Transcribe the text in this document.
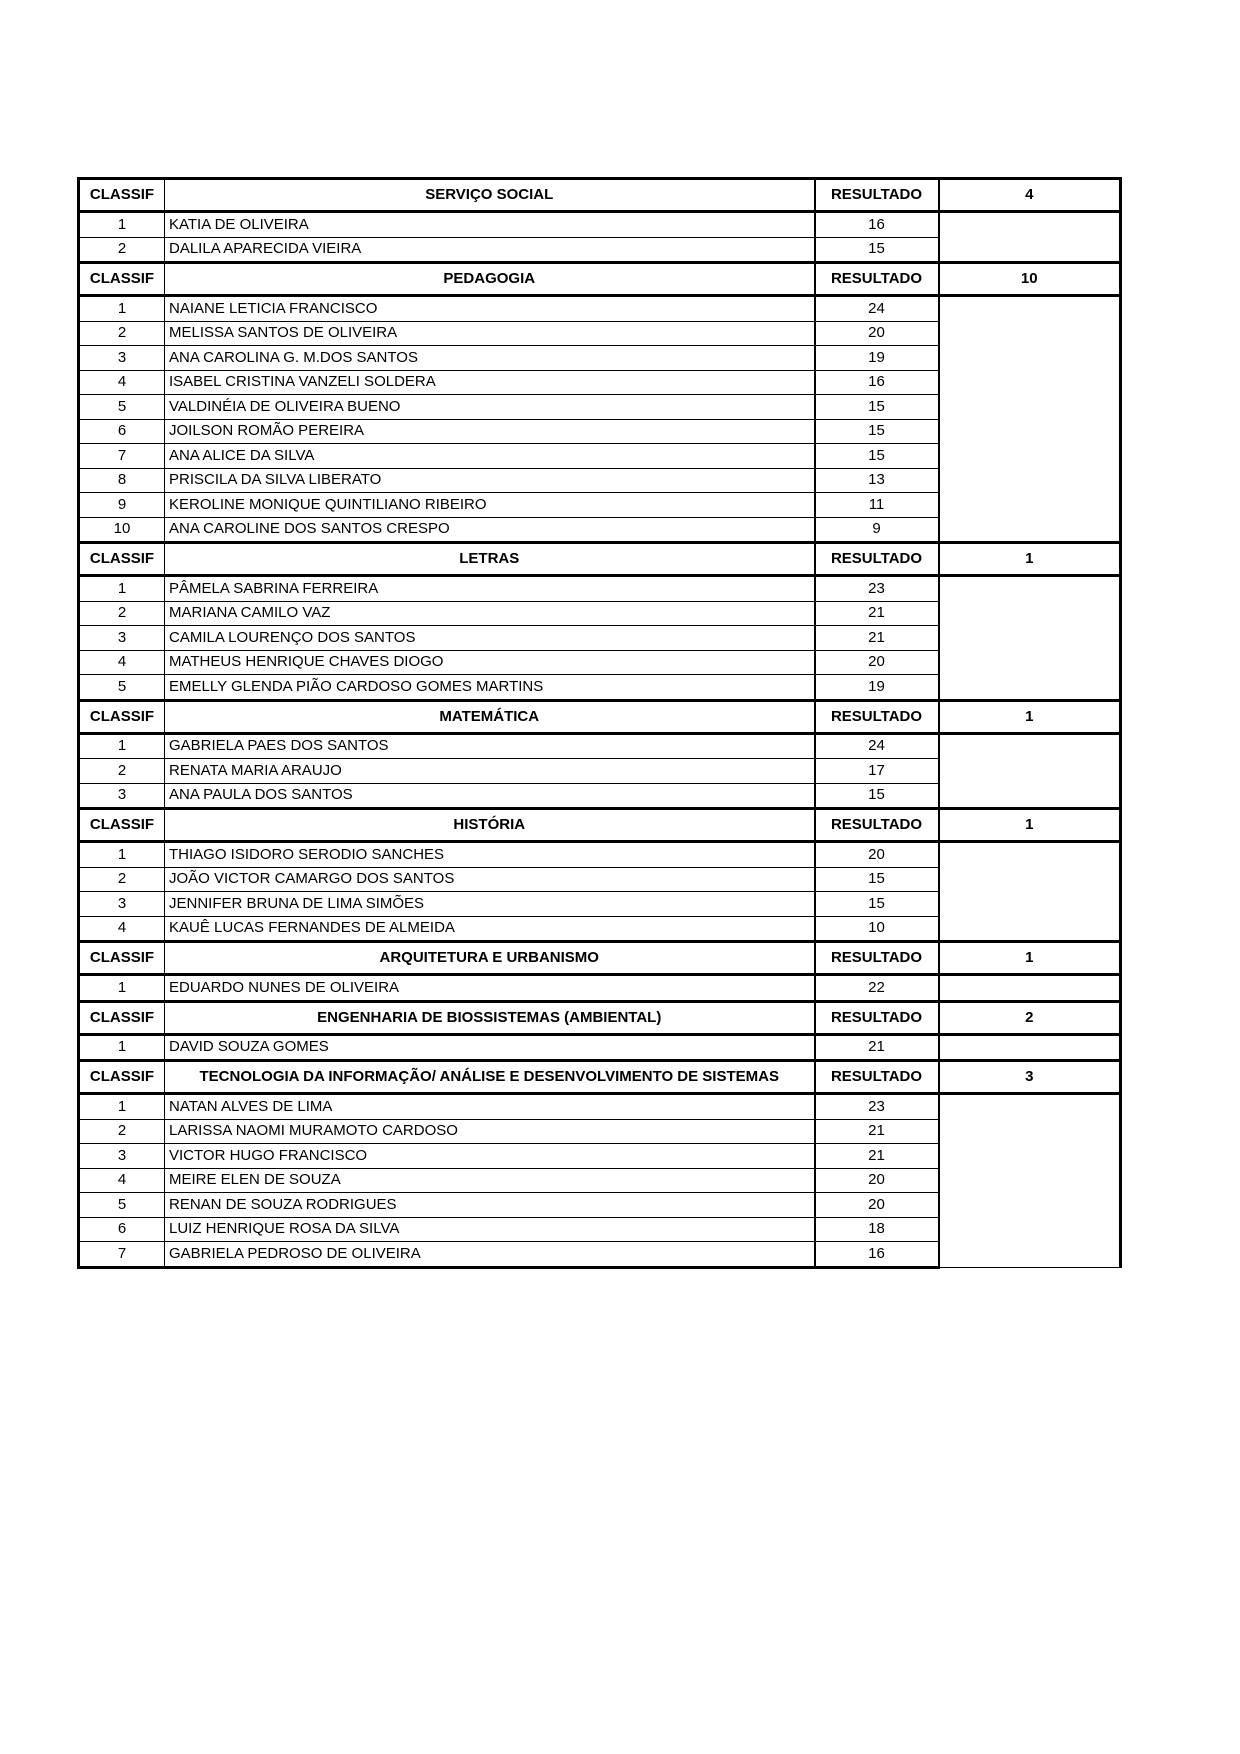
CLASSIF	SERVIÇO SOCIAL	RESULTADO	4
1	KATIA DE OLIVEIRA	16	
2	DALILA APARECIDA VIEIRA	15	
CLASSIF	PEDAGOGIA	RESULTADO	10
1	NAIANE LETICIA FRANCISCO	24	
2	MELISSA SANTOS DE OLIVEIRA	20	
3	ANA CAROLINA G. M.DOS SANTOS	19	
4	ISABEL CRISTINA VANZELI SOLDERA	16	
5	VALDINÉIA DE OLIVEIRA BUENO	15	
6	JOILSON ROMÃO PEREIRA	15	
7	ANA ALICE DA SILVA	15	
8	PRISCILA DA SILVA LIBERATO	13	
9	KEROLINE MONIQUE QUINTILIANO RIBEIRO	11	
10	ANA CAROLINE DOS SANTOS CRESPO	9	
CLASSIF	LETRAS	RESULTADO	1
1	PÂMELA SABRINA FERREIRA	23	
2	MARIANA CAMILO VAZ	21	
3	CAMILA LOURENÇO DOS SANTOS	21	
4	MATHEUS HENRIQUE CHAVES DIOGO	20	
5	EMELLY GLENDA PIÃO CARDOSO GOMES MARTINS	19	
CLASSIF	MATEMÁTICA	RESULTADO	1
1	GABRIELA PAES DOS SANTOS	24	
2	RENATA MARIA ARAUJO	17	
3	ANA PAULA DOS SANTOS	15	
CLASSIF	HISTÓRIA	RESULTADO	1
1	THIAGO ISIDORO SERODIO SANCHES	20	
2	JOÃO VICTOR CAMARGO DOS SANTOS	15	
3	JENNIFER BRUNA DE LIMA SIMÕES	15	
4	KAUÊ LUCAS FERNANDES DE ALMEIDA	10	
CLASSIF	ARQUITETURA E URBANISMO	RESULTADO	1
1	EDUARDO NUNES DE OLIVEIRA	22	
CLASSIF	ENGENHARIA DE BIOSSISTEMAS (AMBIENTAL)	RESULTADO	2
1	DAVID SOUZA GOMES	21	
CLASSIF	TECNOLOGIA DA INFORMAÇÃO/ ANÁLISE E DESENVOLVIMENTO DE SISTEMAS	RESULTADO	3
1	NATAN ALVES DE LIMA	23	
2	LARISSA NAOMI MURAMOTO CARDOSO	21	
3	VICTOR HUGO FRANCISCO	21	
4	MEIRE ELEN DE SOUZA	20	
5	RENAN DE SOUZA RODRIGUES	20	
6	LUIZ HENRIQUE ROSA DA SILVA	18	
7	GABRIELA PEDROSO DE OLIVEIRA	16	
